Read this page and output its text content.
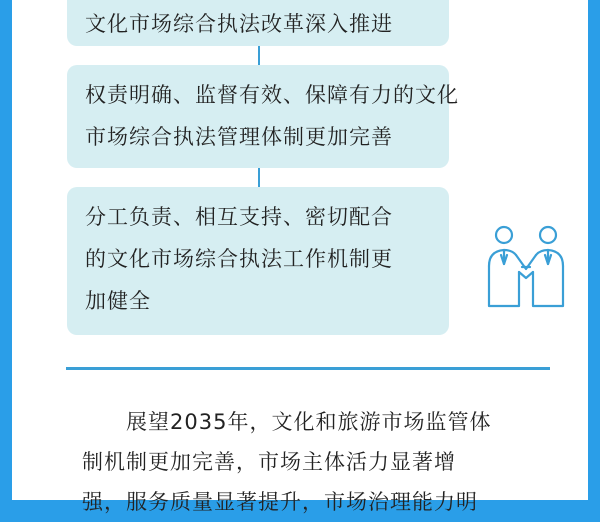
文化市场综合执法改革深入推进
权责明确、监督有效、保障有力的文化
市场综合执法管理体制更加完善
分工负责、相互支持、密切配合
的文化市场综合执法工作机制更
加健全
展望2035年，文化和旅游市场监管体
制机制更加完善，市场主体活力显著增
强，服务质量显著提升，市场治理能力明
